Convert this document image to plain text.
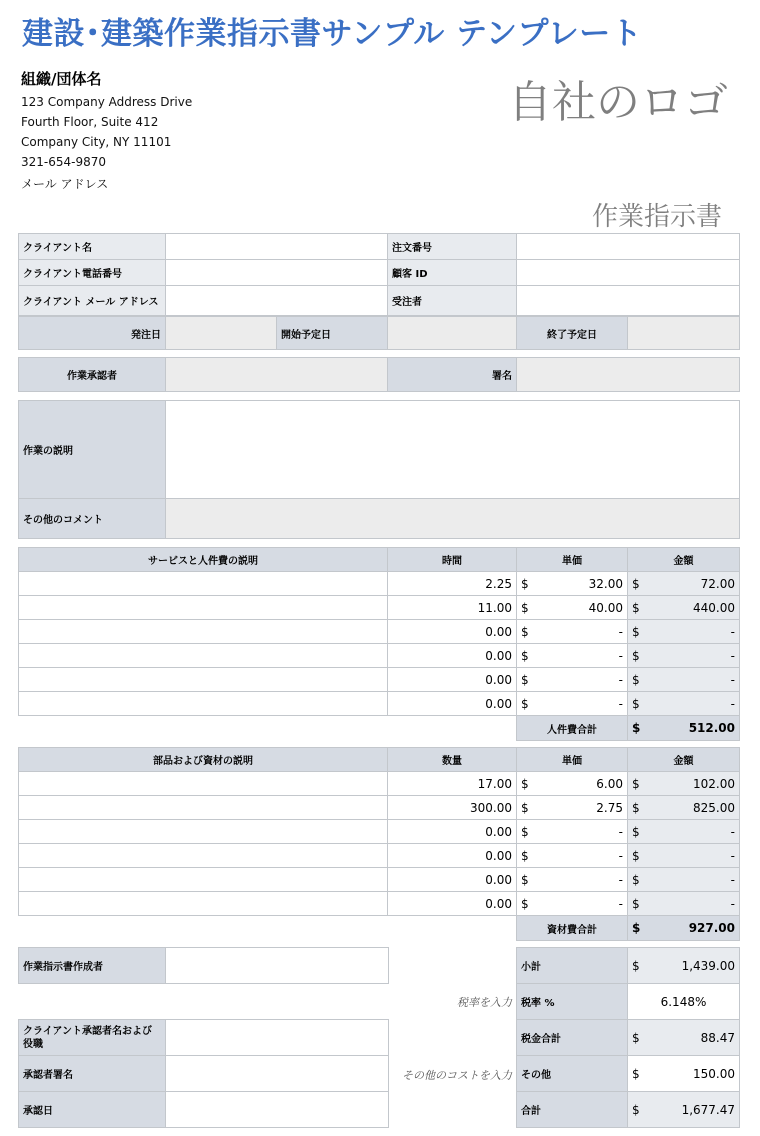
建設･建築作業指示書サンプル テンプレート
組織/団体名
123 Company Address Drive
Fourth Floor, Suite 412
Company City, NY 11101
321-654-9870
メール アドレス
自社のロゴ
作業指示書
クライアント名		注文番号	
クライアント電話番号		顧客 ID	
クライアント メール アドレス		受注者	
発注日		開始予定日		終了予定日	
作業承認者		署名	
作業の説明	
その他のコメント	
サービスと人件費の説明	時間	単価	金額
	2.25	$ 32.00	$ 72.00

	11.00	$ 40.00	$ 440.00

	0.00	$ -	$ -

	0.00	$ -	$ -

	0.00	$ -	$ -

	0.00	$ -	$ -

		人件費合計	$ 512.00
部品および資材の説明	数量	単価	金額
	17.00	$ 6.00	$ 102.00

	300.00	$ 2.75	$ 825.00

	0.00	$ -	$ -

	0.00	$ -	$ -

	0.00	$ -	$ -

	0.00	$ -	$ -

		資材費合計	$ 927.00
作業指示書作成者	
クライアント承認者名および役職	
承認者署名	
承認日	
税率を入力
その他のコストを入力
小計	$ 1,439.00

税率 %	6.148%
税金合計	$ 88.47

その他	$ 150.00

合計	$ 1,677.47
